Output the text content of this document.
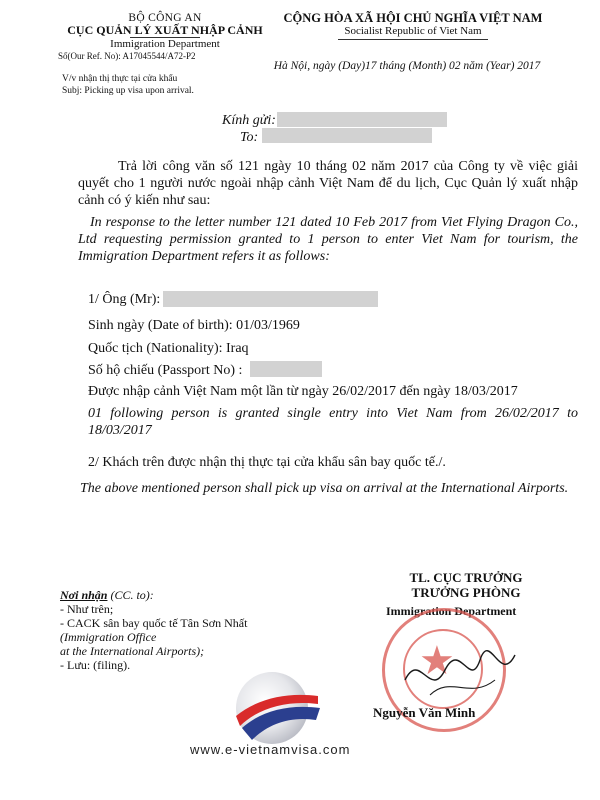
BỘ CÔNG AN
CỤC QUẢN LÝ XUẤT NHẬP CẢNH
Immigration Department
Số(Our Ref. No): A17045544/A72-P2
V/v nhận thị thực tại cửa khẩu
Subj: Picking up visa upon arrival.
CỘNG HÒA XÃ HỘI CHỦ NGHĨA VIỆT NAM
Socialist Republic of Viet Nam
Hà Nội, ngày (Day)17 tháng (Month) 02 năm (Year) 2017
Kính gửi:
To:
Trả lời công văn số 121 ngày 10 tháng 02 năm 2017 của Công ty về việc giải quyết cho 1 người nước ngoài nhập cảnh Việt Nam để du lịch, Cục Quản lý xuất nhập cảnh có ý kiến như sau:
In response to the letter number 121 dated 10 Feb 2017 from Viet Flying Dragon Co., Ltd requesting permission granted to 1 person to enter Viet Nam for tourism, the Immigration Department refers it as follows:
1/ Ông (Mr):
Sinh ngày (Date of birth): 01/03/1969
Quốc tịch (Nationality): Iraq
Số hộ chiếu (Passport No) :
Được nhập cảnh Việt Nam một lần từ ngày 26/02/2017 đến ngày 18/03/2017
01 following person is granted single entry into Viet Nam from 26/02/2017 to 18/03/2017
2/ Khách trên được nhận thị thực tại cửa khẩu sân bay quốc tế./.
The above mentioned person shall pick up visa on arrival at the International Airports.
Nơi nhận (CC. to):
- Như trên;
- CACK sân bay quốc tế Tân Sơn Nhất
(Immigration Office
at the International Airports);
- Lưu: (filing).
TL. CỤC TRƯỞNG
TRƯỞNG PHÒNG
Immigration Department
★
Nguyễn Văn Minh
www.e-vietnamvisa.com
